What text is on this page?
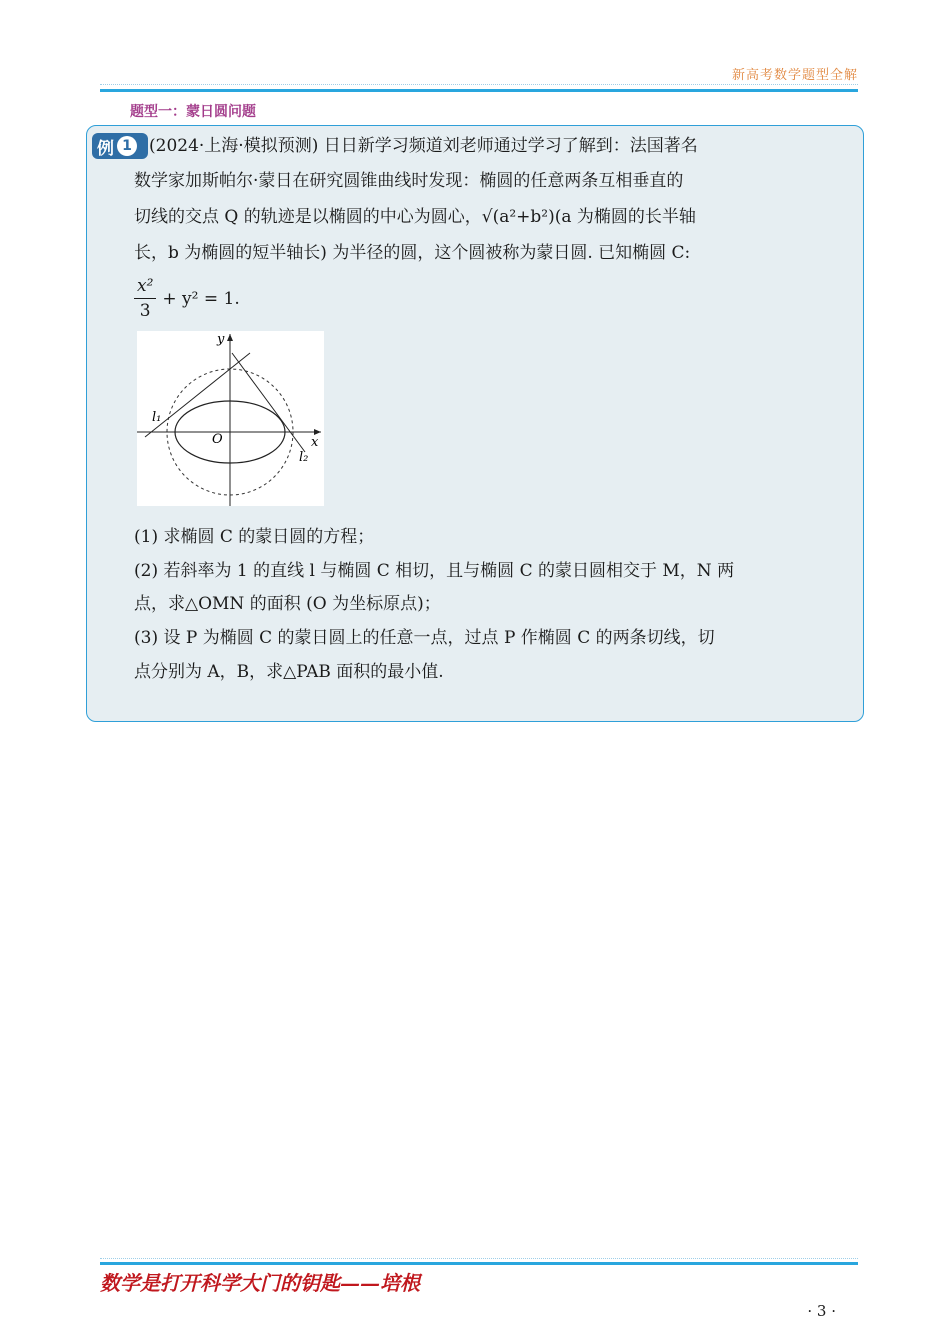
新高考数学题型全解
题型一：蒙日圆问题
例 1	(2024·上海·模拟预测) 日日新学习频道刘老师通过学习了解到：法国著名
数学家加斯帕尔·蒙日在研究圆锥曲线时发现：椭圆的任意两条互相垂直的
切线的交点 Q 的轨迹是以椭圆的中心为圆心，√(a²+b²)(a 为椭圆的长半轴
长，b 为椭圆的短半轴长) 为半径的圆，这个圆被称为蒙日圆. 已知椭圆 C:
$\frac{\text{x²}}{3} + y^2 = 1$.
y
x
O
l₁
l₂
(1) 求椭圆 C 的蒙日圆的方程；
(2) 若斜率为 1 的直线 l 与椭圆 C 相切，且与椭圆 C 的蒙日圆相交于 M，N 两
点，求△OMN 的面积 (O 为坐标原点)；
(3) 设 P 为椭圆 C 的蒙日圆上的任意一点，过点 P 作椭圆 C 的两条切线，切
点分别为 A，B，求△PAB 面积的最小值.
数学是打开科学大门的钥匙——培根
· 3 ·
